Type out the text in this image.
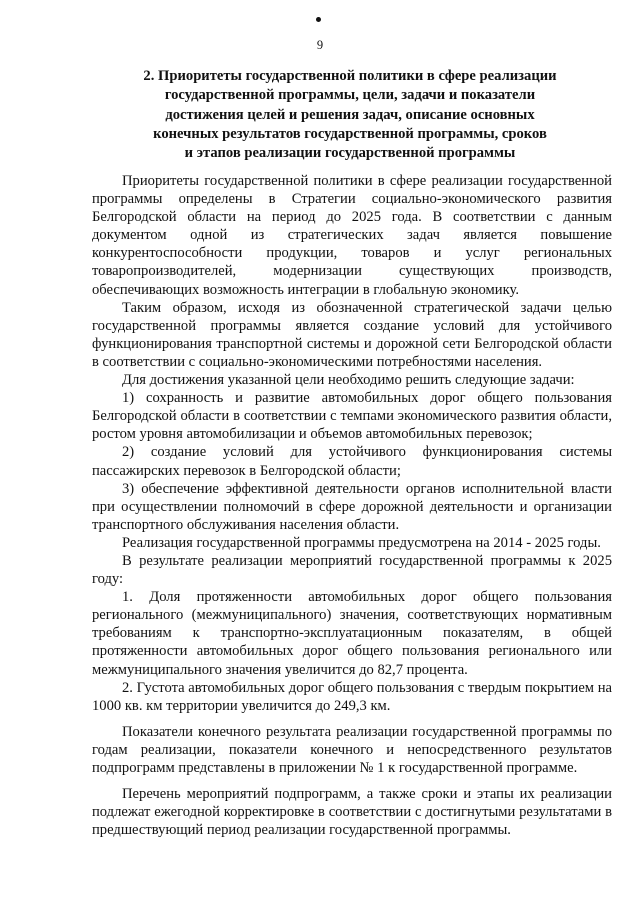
9
2. Приоритеты государственной политики в сфере реализации
государственной программы, цели, задачи и показатели
достижения целей и решения задач, описание основных
конечных результатов государственной программы, сроков
и этапов реализации государственной программы

Приоритеты государственной политики в сфере реализации государственной программы определены в Стратегии социально-экономического развития Белгородской области на период до 2025 года. В соответствии с данным документом одной из стратегических задач является повышение конкурентоспособности продукции, товаров и услуг региональных товаропроизводителей, модернизации существующих производств, обеспечивающих возможность интеграции в глобальную экономику.

Таким образом, исходя из обозначенной стратегической задачи целью государственной программы является создание условий для устойчивого функционирования транспортной системы и дорожной сети Белгородской области в соответствии с социально-экономическими потребностями населения.

Для достижения указанной цели необходимо решить следующие задачи:

1) сохранность и развитие автомобильных дорог общего пользования Белгородской области в соответствии с темпами экономического развития области, ростом уровня автомобилизации и объемов автомобильных перевозок;

2) создание условий для устойчивого функционирования системы пассажирских перевозок в Белгородской области;

3) обеспечение эффективной деятельности органов исполнительной власти при осуществлении полномочий в сфере дорожной деятельности и организации транспортного обслуживания населения области.

Реализация государственной программы предусмотрена на 2014 - 2025 годы.

В результате реализации мероприятий государственной программы к 2025 году:

1. Доля протяженности автомобильных дорог общего пользования регионального (межмуниципального) значения, соответствующих нормативным требованиям к транспортно-эксплуатационным показателям, в общей протяженности автомобильных дорог общего пользования регионального или межмуниципального значения увеличится до 82,7 процента.

2. Густота автомобильных дорог общего пользования с твердым покрытием на 1000 кв. км территории увеличится до 249,3 км.

Показатели конечного результата реализации государственной программы по годам реализации, показатели конечного и непосредственного результатов подпрограмм представлены в приложении № 1 к государственной программе.

Перечень мероприятий подпрограмм, а также сроки и этапы их реализации подлежат ежегодной корректировке в соответствии с достигнутыми результатами в предшествующий период реализации государственной программы.
